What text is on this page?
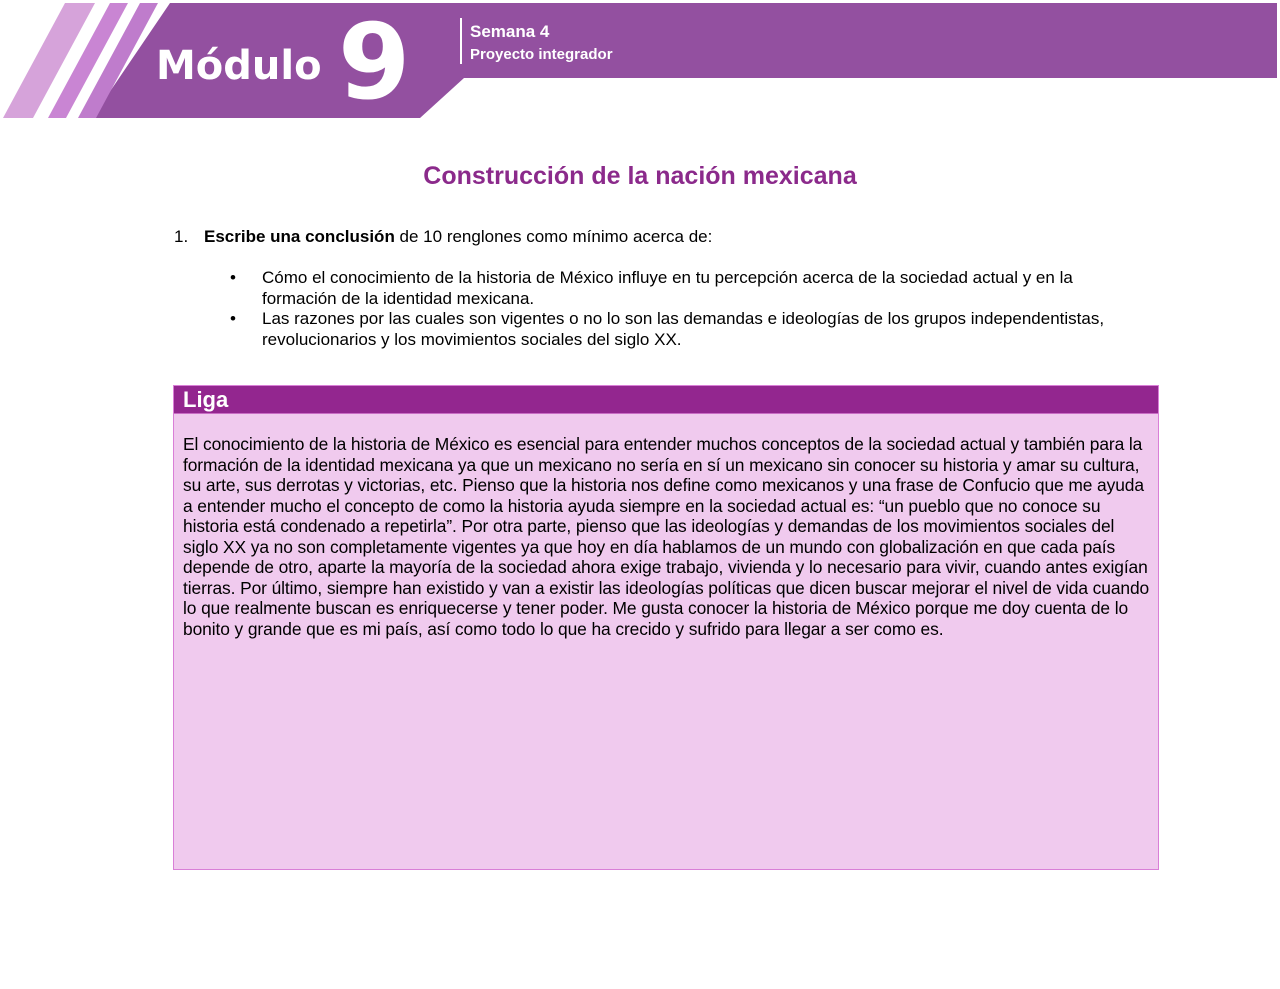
Módulo 9	Semana 4
Proyecto integrador
Construcción de la nación mexicana
1. Escribe una conclusión de 10 renglones como mínimo acerca de:
• Cómo el conocimiento de la historia de México influye en tu percepción acerca de la sociedad actual y en la formación de la identidad mexicana.
• Las razones por las cuales son vigentes o no lo son las demandas e ideologías de los grupos independentistas, revolucionarios y los movimientos sociales del siglo XX.
Liga
El conocimiento de la historia de México es esencial para entender muchos conceptos de la sociedad actual y también para la formación de la identidad mexicana ya que un mexicano no sería en sí un mexicano sin conocer su historia y amar su cultura, su arte, sus derrotas y victorias, etc. Pienso que la historia nos define como mexicanos y una frase de Confucio que me ayuda a entender mucho el concepto de como la historia ayuda siempre en la sociedad actual es: “un pueblo que no conoce su historia está condenado a repetirla”. Por otra parte, pienso que las ideologías y demandas de los movimientos sociales del siglo XX ya no son completamente vigentes ya que hoy en día hablamos de un mundo con globalización en que cada país depende de otro, aparte la mayoría de la sociedad ahora exige trabajo, vivienda y lo necesario para vivir, cuando antes exigían tierras. Por último, siempre han existido y van a existir las ideologías políticas que dicen buscar mejorar el nivel de vida cuando lo que realmente buscan es enriquecerse y tener poder. Me gusta conocer la historia de México porque me doy cuenta de lo bonito y grande que es mi país, así como todo lo que ha crecido y sufrido para llegar a ser como es.
